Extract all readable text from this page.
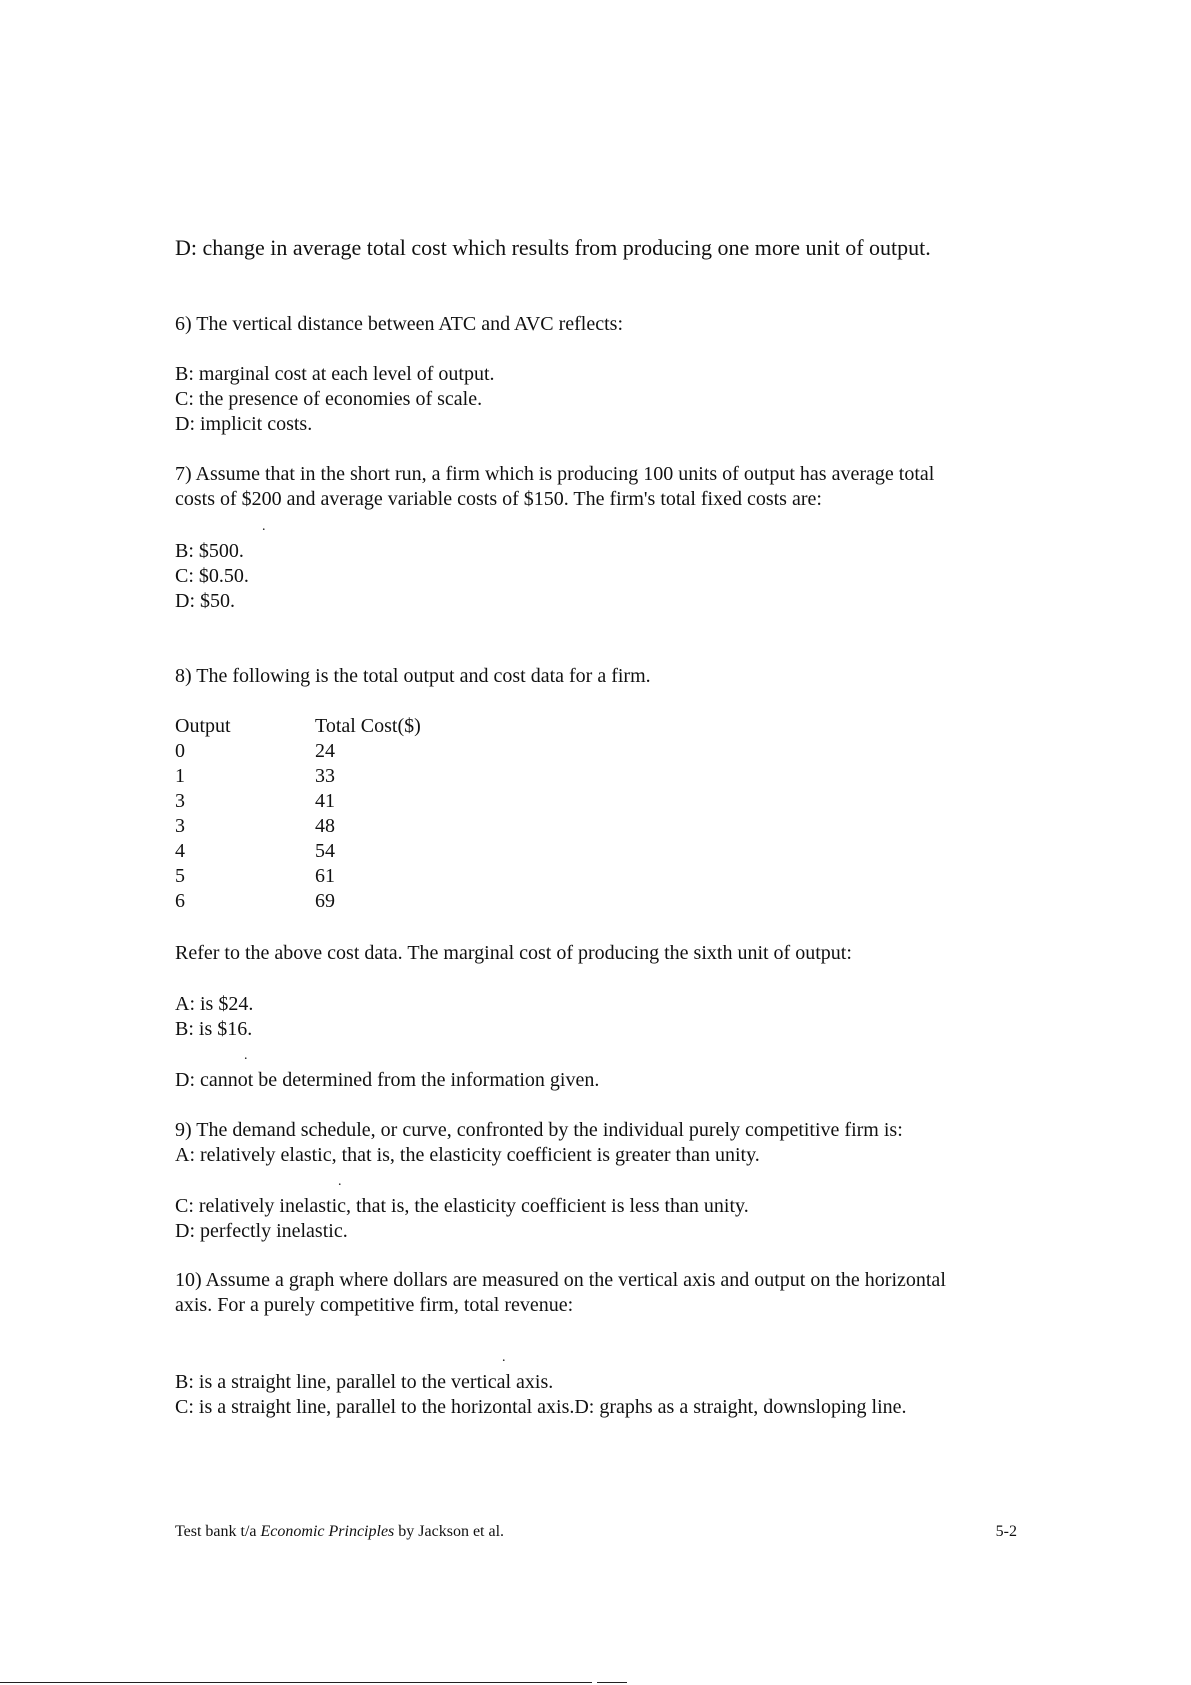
D: change in average total cost which results from producing one more unit of output.
6) The vertical distance between ATC and AVC reflects:
B: marginal cost at each level of output.
C: the presence of economies of scale.
D: implicit costs.
7) Assume that in the short run, a firm which is producing 100 units of output has average total
costs of $200 and average variable costs of $150. The firm's total fixed costs are:
.
B: $500.
C: $0.50.
D: $50.
8) The following is the total output and cost data for a firm.
Output	Total Cost($)
0	24
1	33
3	41
3	48
4	54
5	61
6	69
Refer to the above cost data. The marginal cost of producing the sixth unit of output:
A: is $24.
B: is $16.
.
D: cannot be determined from the information given.
9) The demand schedule, or curve, confronted by the individual purely competitive firm is:
A: relatively elastic, that is, the elasticity coefficient is greater than unity.
.
C: relatively inelastic, that is, the elasticity coefficient is less than unity.
D: perfectly inelastic.
10) Assume a graph where dollars are measured on the vertical axis and output on the horizontal
axis. For a purely competitive firm, total revenue:
.
B: is a straight line, parallel to the vertical axis.
C: is a straight line, parallel to the horizontal axis.D: graphs as a straight, downsloping line.
Test bank t/a Economic Principles by Jackson et al.	5-2
